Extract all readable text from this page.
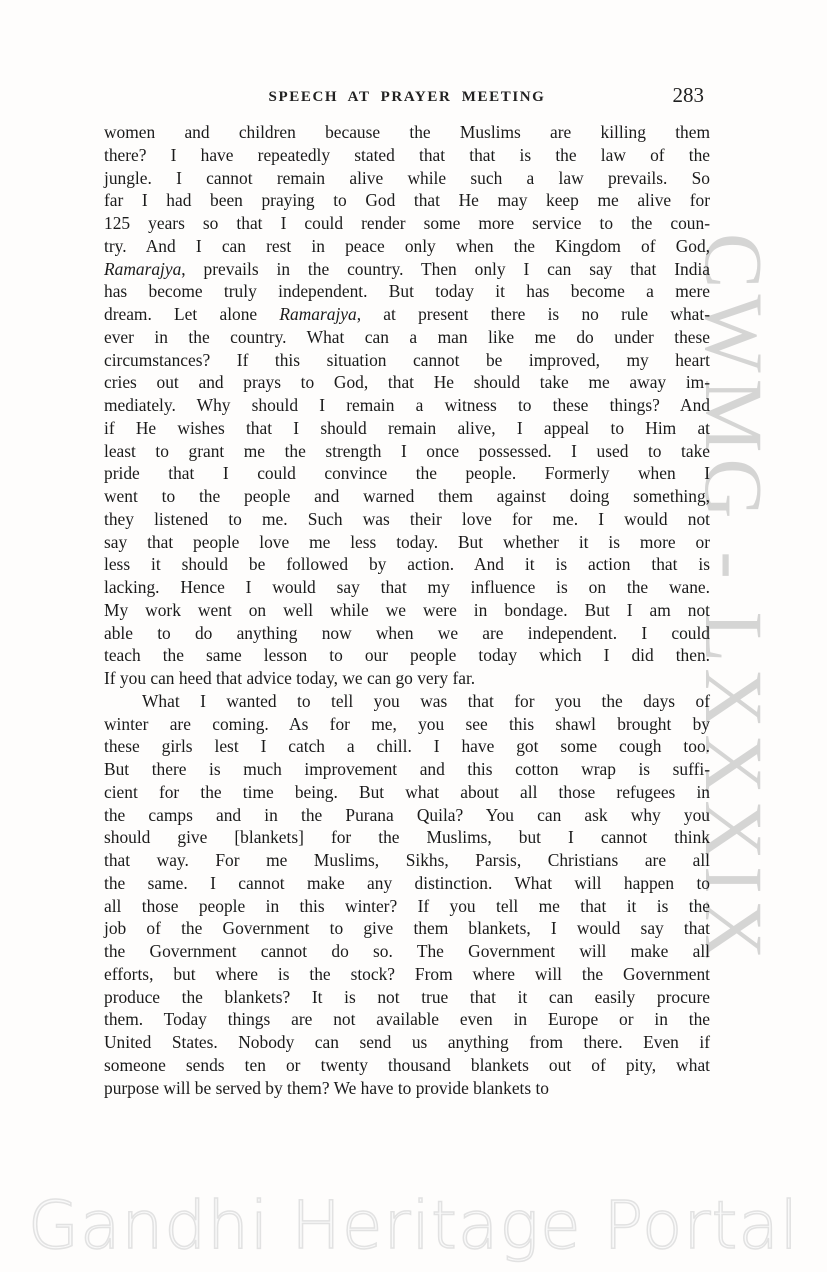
CWMG - LXXXIX
SPEECH AT PRAYER MEETING	283
women and children because the Muslims are killing them
there? I have repeatedly stated that that is the law of the
jungle. I cannot remain alive while such a law prevails. So
far I had been praying to God that He may keep me alive for
125 years so that I could render some more service to the coun-
try. And I can rest in peace only when the Kingdom of God,
Ramarajya, prevails in the country. Then only I can say that India
has become truly independent. But today it has become a mere
dream. Let alone Ramarajya, at present there is no rule what-
ever in the country. What can a man like me do under these
circumstances? If this situation cannot be improved, my heart
cries out and prays to God, that He should take me away im-
mediately. Why should I remain a witness to these things? And
if He wishes that I should remain alive, I appeal to Him at
least to grant me the strength I once possessed. I used to take
pride that I could convince the people. Formerly when I
went to the people and warned them against doing something,
they listened to me. Such was their love for me. I would not
say that people love me less today. But whether it is more or
less it should be followed by action. And it is action that is
lacking. Hence I would say that my influence is on the wane.
My work went on well while we were in bondage. But I am not
able to do anything now when we are independent. I could
teach the same lesson to our people today which I did then.
If you can heed that advice today, we can go very far.
What I wanted to tell you was that for you the days of
winter are coming. As for me, you see this shawl brought by
these girls lest I catch a chill. I have got some cough too.
But there is much improvement and this cotton wrap is suffi-
cient for the time being. But what about all those refugees in
the camps and in the Purana Quila? You can ask why you
should give [blankets] for the Muslims, but I cannot think
that way. For me Muslims, Sikhs, Parsis, Christians are all
the same. I cannot make any distinction. What will happen to
all those people in this winter? If you tell me that it is the
job of the Government to give them blankets, I would say that
the Government cannot do so. The Government will make all
efforts, but where is the stock? From where will the Government
produce the blankets? It is not true that it can easily procure
them. Today things are not available even in Europe or in the
United States. Nobody can send us anything from there. Even if
someone sends ten or twenty thousand blankets out of pity, what
purpose will be served by them? We have to provide blankets to
Gandhi Heritage Portal
